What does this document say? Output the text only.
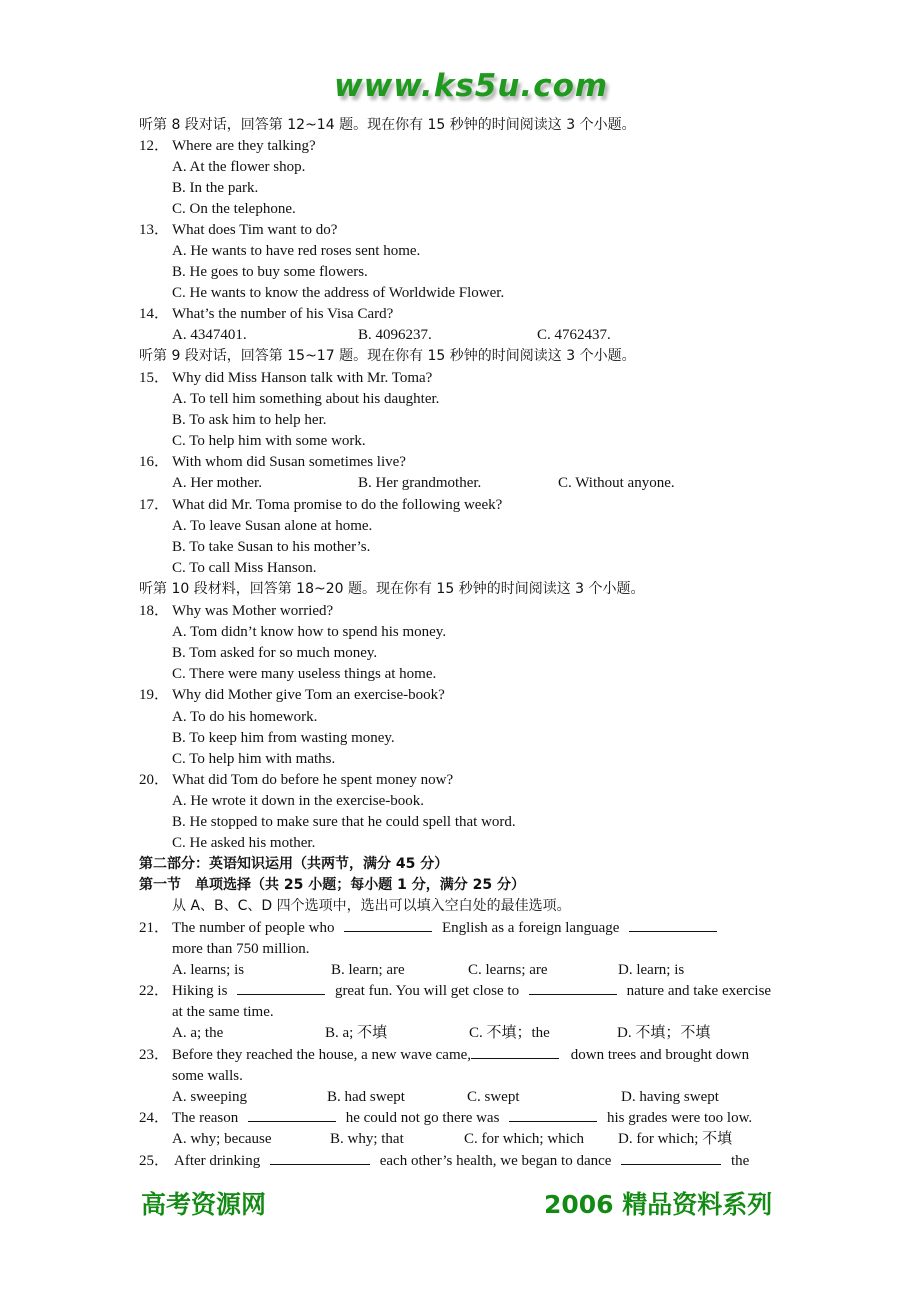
www.ks5u.com
听第 8 段对话，回答第 12~14 题。现在你有 15 秒钟的时间阅读这 3 个小题。
12． Where are they talking?
A. At the flower shop.
B. In the park.
C. On the telephone.
13． What does Tim want to do?
A. He wants to have red roses sent home.
B. He goes to buy some flowers.
C. He wants to know the address of Worldwide Flower.
14． What’s the number of his Visa Card?
A. 4347401.	B. 4096237.	C. 4762437.
听第 9 段对话，回答第 15~17 题。现在你有 15 秒钟的时间阅读这 3 个小题。
15． Why did Miss Hanson talk with Mr. Toma?
A. To tell him something about his daughter.
B. To ask him to help her.
C. To help him with some work.
16． With whom did Susan sometimes live?
A. Her mother.	B. Her grandmother.	C. Without anyone.
17． What did Mr. Toma promise to do the following week?
A. To leave Susan alone at home.
B. To take Susan to his mother’s.
C. To call Miss Hanson.
听第 10 段材料，回答第 18~20 题。现在你有 15 秒钟的时间阅读这 3 个小题。
18． Why was Mother worried?
A. Tom didn’t know how to spend his money.
B. Tom asked for so much money.
C. There were many useless things at home.
19． Why did Mother give Tom an exercise-book?
A. To do his homework.
B. To keep him from wasting money.
C. To help him with maths.
20． What did Tom do before he spent money now?
A. He wrote it down in the exercise-book.
B. He stopped to make sure that he could spell that word.
C. He asked his mother.
第二部分：英语知识运用（共两节，满分 45 分）
第一节　单项选择（共 25 小题；每小题 1 分，满分 25 分）
从 A、B、C、D 四个选项中，选出可以填入空白处的最佳选项。
21． The number of people who	English as a foreign language
more than 750 million.
A. learns; is	B. learn; are	C. learns; are	D. learn; is
22． Hiking is	great fun. You will get close to	nature and take exercise
at the same time.
A. a; the	B. a; 不填	C. 不填；the	D. 不填；不填
23． Before they reached the house, a new wave came,	down trees and brought down
some walls.
A. sweeping	B. had swept	C. swept	D. having swept
24． The reason	he could not go there was	his grades were too low.
A. why; because	B. why; that	C. for which; which D. for which; 不填
25． After drinking	each other’s health, we began to dance	the
高考资源网	2006 精品资料系列
